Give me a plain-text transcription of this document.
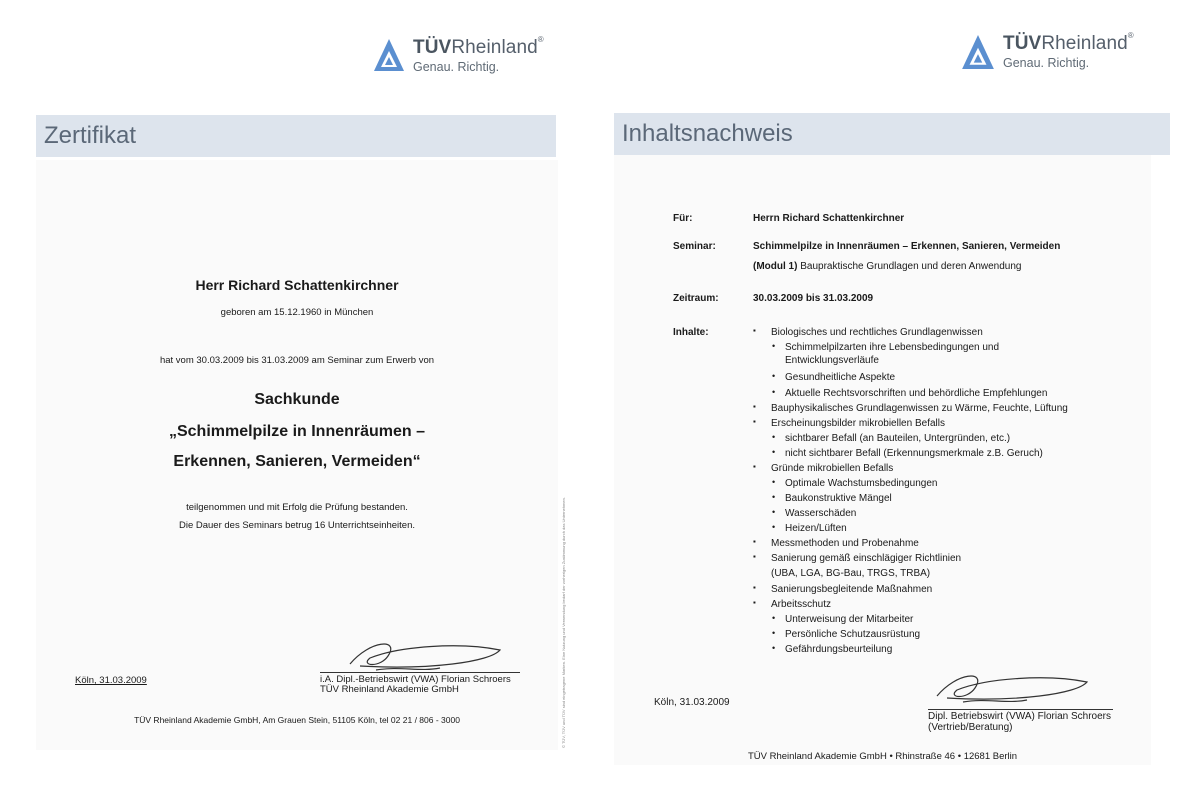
TÜVRheinland®
Genau. Richtig.
Zertifikat
Herr Richard Schattenkirchner
geboren am 15.12.1960 in München
hat vom 30.03.2009 bis 31.03.2009 am Seminar zum Erwerb von
Sachkunde
„Schimmelpilze in Innenräumen –
Erkennen, Sanieren, Vermeiden“
teilgenommen und mit Erfolg die Prüfung bestanden.
Die Dauer des Seminars betrug 16 Unterrichtseinheiten.
Köln, 31.03.2009	i.A. Dipl.-Betriebswirt (VWA) Florian Schroers
TÜV Rheinland Akademie GmbH
TÜV Rheinland Akademie GmbH, Am Grauen Stein, 51105 Köln, tel 02 21 / 806 - 3000	© TÜV, TÜV und TÜV sind eingetragene Marken. Eine Nutzung und Verwendung bedarf der vorherigen Zustimmung durch das Unternehmen.
TÜVRheinland®
Genau. Richtig.
Inhaltsnachweis
Für:	Herrn Richard Schattenkirchner
Seminar:	Schimmelpilze in Innenräumen – Erkennen, Sanieren, Vermeiden
(Modul 1) Baupraktische Grundlagen und deren Anwendung
Zeitraum:	30.03.2009 bis 31.03.2009
Inhalte:
▪	Biologisches und rechtliches Grundlagenwissen
• Schimmelpilzarten ihre Lebensbedingungen und
Entwicklungsverläufe
• Gesundheitliche Aspekte
• Aktuelle Rechtsvorschriften und behördliche Empfehlungen
▪ Bauphysikalisches Grundlagenwissen zu Wärme, Feuchte, Lüftung
▪ Erscheinungsbilder mikrobiellen Befalls
• sichtbarer Befall (an Bauteilen, Untergründen, etc.)
• nicht sichtbarer Befall (Erkennungsmerkmale z.B. Geruch)
▪ Gründe mikrobiellen Befalls
• Optimale Wachstumsbedingungen
• Baukonstruktive Mängel
• Wasserschäden
• Heizen/Lüften
▪ Messmethoden und Probenahme
▪ Sanierung gemäß einschlägiger Richtlinien
(UBA, LGA, BG-Bau, TRGS, TRBA)
▪ Sanierungsbegleitende Maßnahmen
▪ Arbeitsschutz
• Unterweisung der Mitarbeiter
• Persönliche Schutzausrüstung
• Gefährdungsbeurteilung
Köln, 31.03.2009
Dipl. Betriebswirt (VWA) Florian Schroers
(Vertrieb/Beratung)
TÜV Rheinland Akademie GmbH • Rhinstraße 46 • 12681 Berlin
